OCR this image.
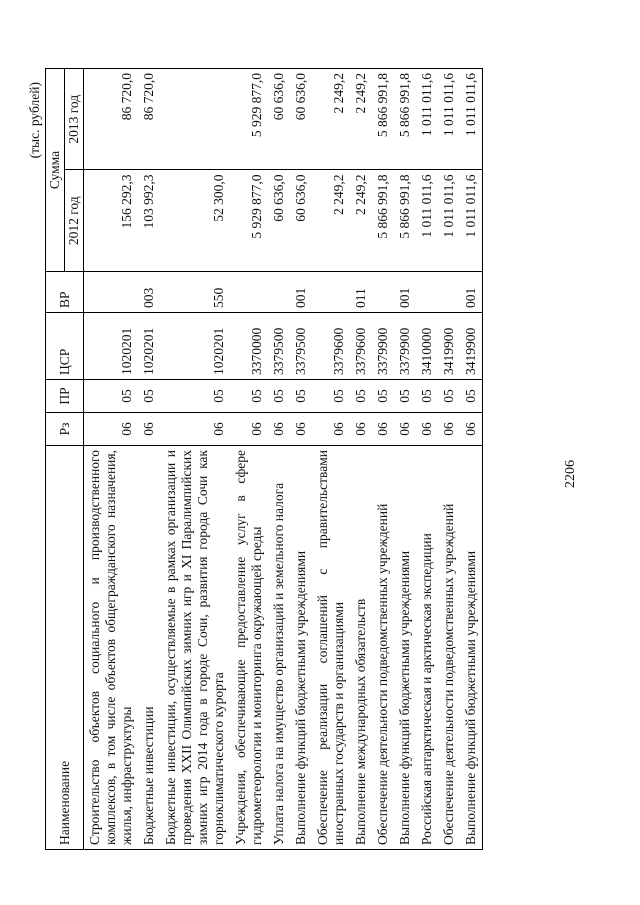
2206
(тыс. рублей)
Наименование	Рз	ПР	ЦСР	ВР	Сумма	
					2012 год	2013 год
Строительство объектов социального и производственного комплексов, в том числе объектов общегражданского назначения, жилья, инфраструктуры	06	05	1020201		156 292,3	86 720,0
Бюджетные инвестиции	06	05	1020201	003	103 992,3	86 720,0
Бюджетные инвестиции, осуществляемые в рамках организации и проведения XXII Олимпийских зимних игр и XI Паралимпийских зимних игр 2014 года в городе Сочи, развития города Сочи как горноклиматического курорта	06	05	1020201	550	52 300,0	
Учреждения, обеспечивающие предоставление услуг в сфере гидрометеорологии и мониторинга окружающей среды	06	05	3370000		5 929 877,0	5 929 877,0
Уплата налога на имущество организаций и земельного налога	06	05	3379500		60 636,0	60 636,0
Выполнение функций бюджетными учреждениями	06	05	3379500	001	60 636,0	60 636,0
Обеспечение реализации соглашений с правительствами иностранных государств и организациями	06	05	3379600		2 249,2	2 249,2
Выполнение международных обязательств	06	05	3379600	011	2 249,2	2 249,2
Обеспечение деятельности подведомственных учреждений	06	05	3379900		5 866 991,8	5 866 991,8
Выполнение функций бюджетными учреждениями	06	05	3379900	001	5 866 991,8	5 866 991,8
Российская антарктическая и арктическая экспедиции	06	05	3410000		1 011 011,6	1 011 011,6
Обеспечение деятельности подведомственных учреждений	06	05	3419900		1 011 011,6	1 011 011,6
Выполнение функций бюджетными учреждениями	06	05	3419900	001	1 011 011,6	1 011 011,6
